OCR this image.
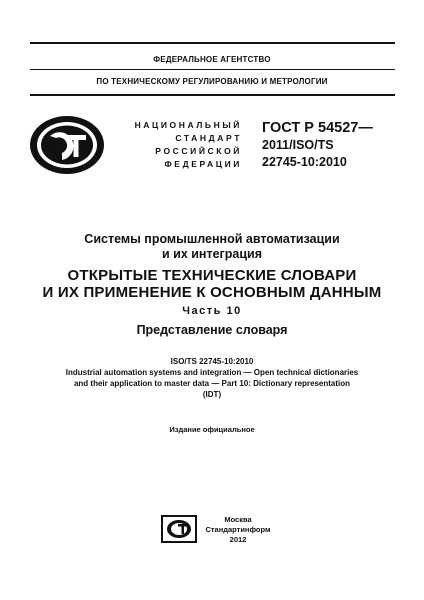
ФЕДЕРАЛЬНОЕ АГЕНТСТВО
ПО ТЕХНИЧЕСКОМУ РЕГУЛИРОВАНИЮ И МЕТРОЛОГИИ
НАЦИОНАЛЬНЫЙ
СТАНДАРТ
РОССИЙСКОЙ
ФЕДЕРАЦИИ
ГОСТ Р 54527—
2011/ISO/TS
22745-10:2010
Системы промышленной автоматизации
и их интеграция
ОТКРЫТЫЕ ТЕХНИЧЕСКИЕ СЛОВАРИ
И ИХ ПРИМЕНЕНИЕ К ОСНОВНЫМ ДАННЫМ
Часть 10
Представление словаря
ISO/TS 22745-10:2010
Industrial automation systems and integration — Open technical dictionaries
and their application to master data — Part 10: Dictionary representation
(IDT)
Издание официальное
Москва
Стандартинформ
2012
